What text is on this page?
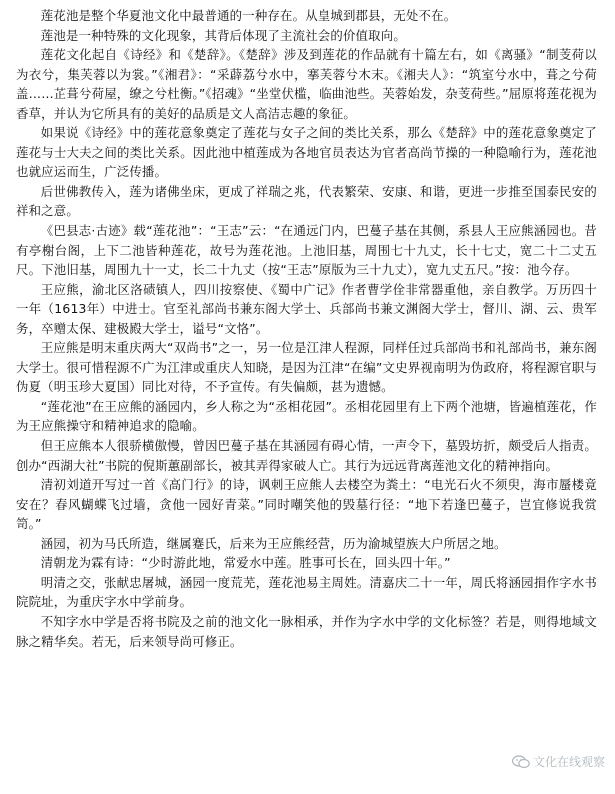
莲花池是整个华夏池文化中最普通的一种存在。从皇城到郡县，无处不在。

莲池是一种特殊的文化现象，其背后体现了主流社会的价值取向。

莲花文化起自《诗经》和《楚辞》。《楚辞》涉及到莲花的作品就有十篇左右，如《离骚》“制芰荷以为衣兮，集芙蓉以为裳。”《湘君》：“采薜荔兮水中，搴芙蓉兮木末。《湘夫人》：“筑室兮水中，葺之兮荷盖……芷葺兮荷屋，缭之兮杜衡。”《招魂》“坐堂伏槛，临曲池些。芙蓉始发，杂芰荷些。”屈原将莲花视为香草，并认为它所具有的美好的品质是文人高洁志趣的象征。

如果说《诗经》中的莲花意象奠定了莲花与女子之间的类比关系，那么《楚辞》中的莲花意象奠定了莲花与士大夫之间的类比关系。因此池中植莲成为各地官员表达为官者高尚节操的一种隐喻行为，莲花池也就应运而生，广泛传播。

后世佛教传入，莲为诸佛坐床，更成了祥瑞之兆，代表繁荣、安康、和谐，更进一步推至国泰民安的祥和之意。

《巴县志·古迹》载“莲花池”：“王志”云：“在通远门内，巴蔓子基在其侧，系县人王应熊涵园也。昔有亭榭台阁，上下二池皆种莲花，故号为莲花池。上池旧基，周围七十九丈，长十七丈，宽二十二丈五尺。下池旧基，周围九十一丈，长二十九丈（按“王志”原版为三十九丈），宽九丈五尺。”按：池今存。

王应熊，渝北区洛碛镇人，四川按察使、《蜀中广记》作者曹学佺非常器重他，亲自教学。万历四十一年（1613年）中进士。官至礼部尚书兼东阁大学士、兵部尚书兼文渊阁大学士，督川、湖、云、贵军务，卒赠太保、建极殿大学士，谥号“文恪”。

王应熊是明末重庆两大“双尚书”之一，另一位是江津人程源，同样任过兵部尚书和礼部尚书，兼东阁大学士。很可惜程源不广为江津或重庆人知晓，是因为江津“在编”文史界视南明为伪政府，将程源官职与伪夏（明玉珍大夏国）同比对待，不予宣传。有失偏颇，甚为遗憾。

“莲花池”在王应熊的涵园内，乡人称之为“丞相花园”。丞相花园里有上下两个池塘，皆遍植莲花，作为王应熊操守和精神追求的隐喻。

但王应熊本人很骄横傲慢，曾因巴蔓子基在其涵园有碍心情，一声令下，墓毁坊折，颇受后人指责。创办“西湖大社”书院的倪斯蕙副部长，被其弄得家破人亡。其行为远远背离莲池文化的精神指向。

清初刘道开写过一首《高门行》的诗，讽刺王应熊人去楼空为粪土：“电光石火不须臾，海市蜃楼竟安在？春风蝴蝶飞过墙，贪他一园好青菜。”同时嘲笑他的毁墓行径：“地下若逢巴蔓子，岂宜修说我赏笥。”

涵园，初为马氏所造，继属蹇氏，后来为王应熊经营，历为渝城望族大户所居之地。

清朝龙为霖有诗：“少时游此地，常爱水中莲。胜事可长在，回头四十年。”

明清之交，张献忠屠城，涵园一度荒芜，莲花池易主周姓。清嘉庆二十一年，周氏将涵园捐作字水书院院址，为重庆字水中学前身。

不知字水中学是否将书院及之前的池文化一脉相承，并作为字水中学的文化标签？若是，则得地域文脉之精华矣。若无，后来领导尚可修正。

文化在线观察
